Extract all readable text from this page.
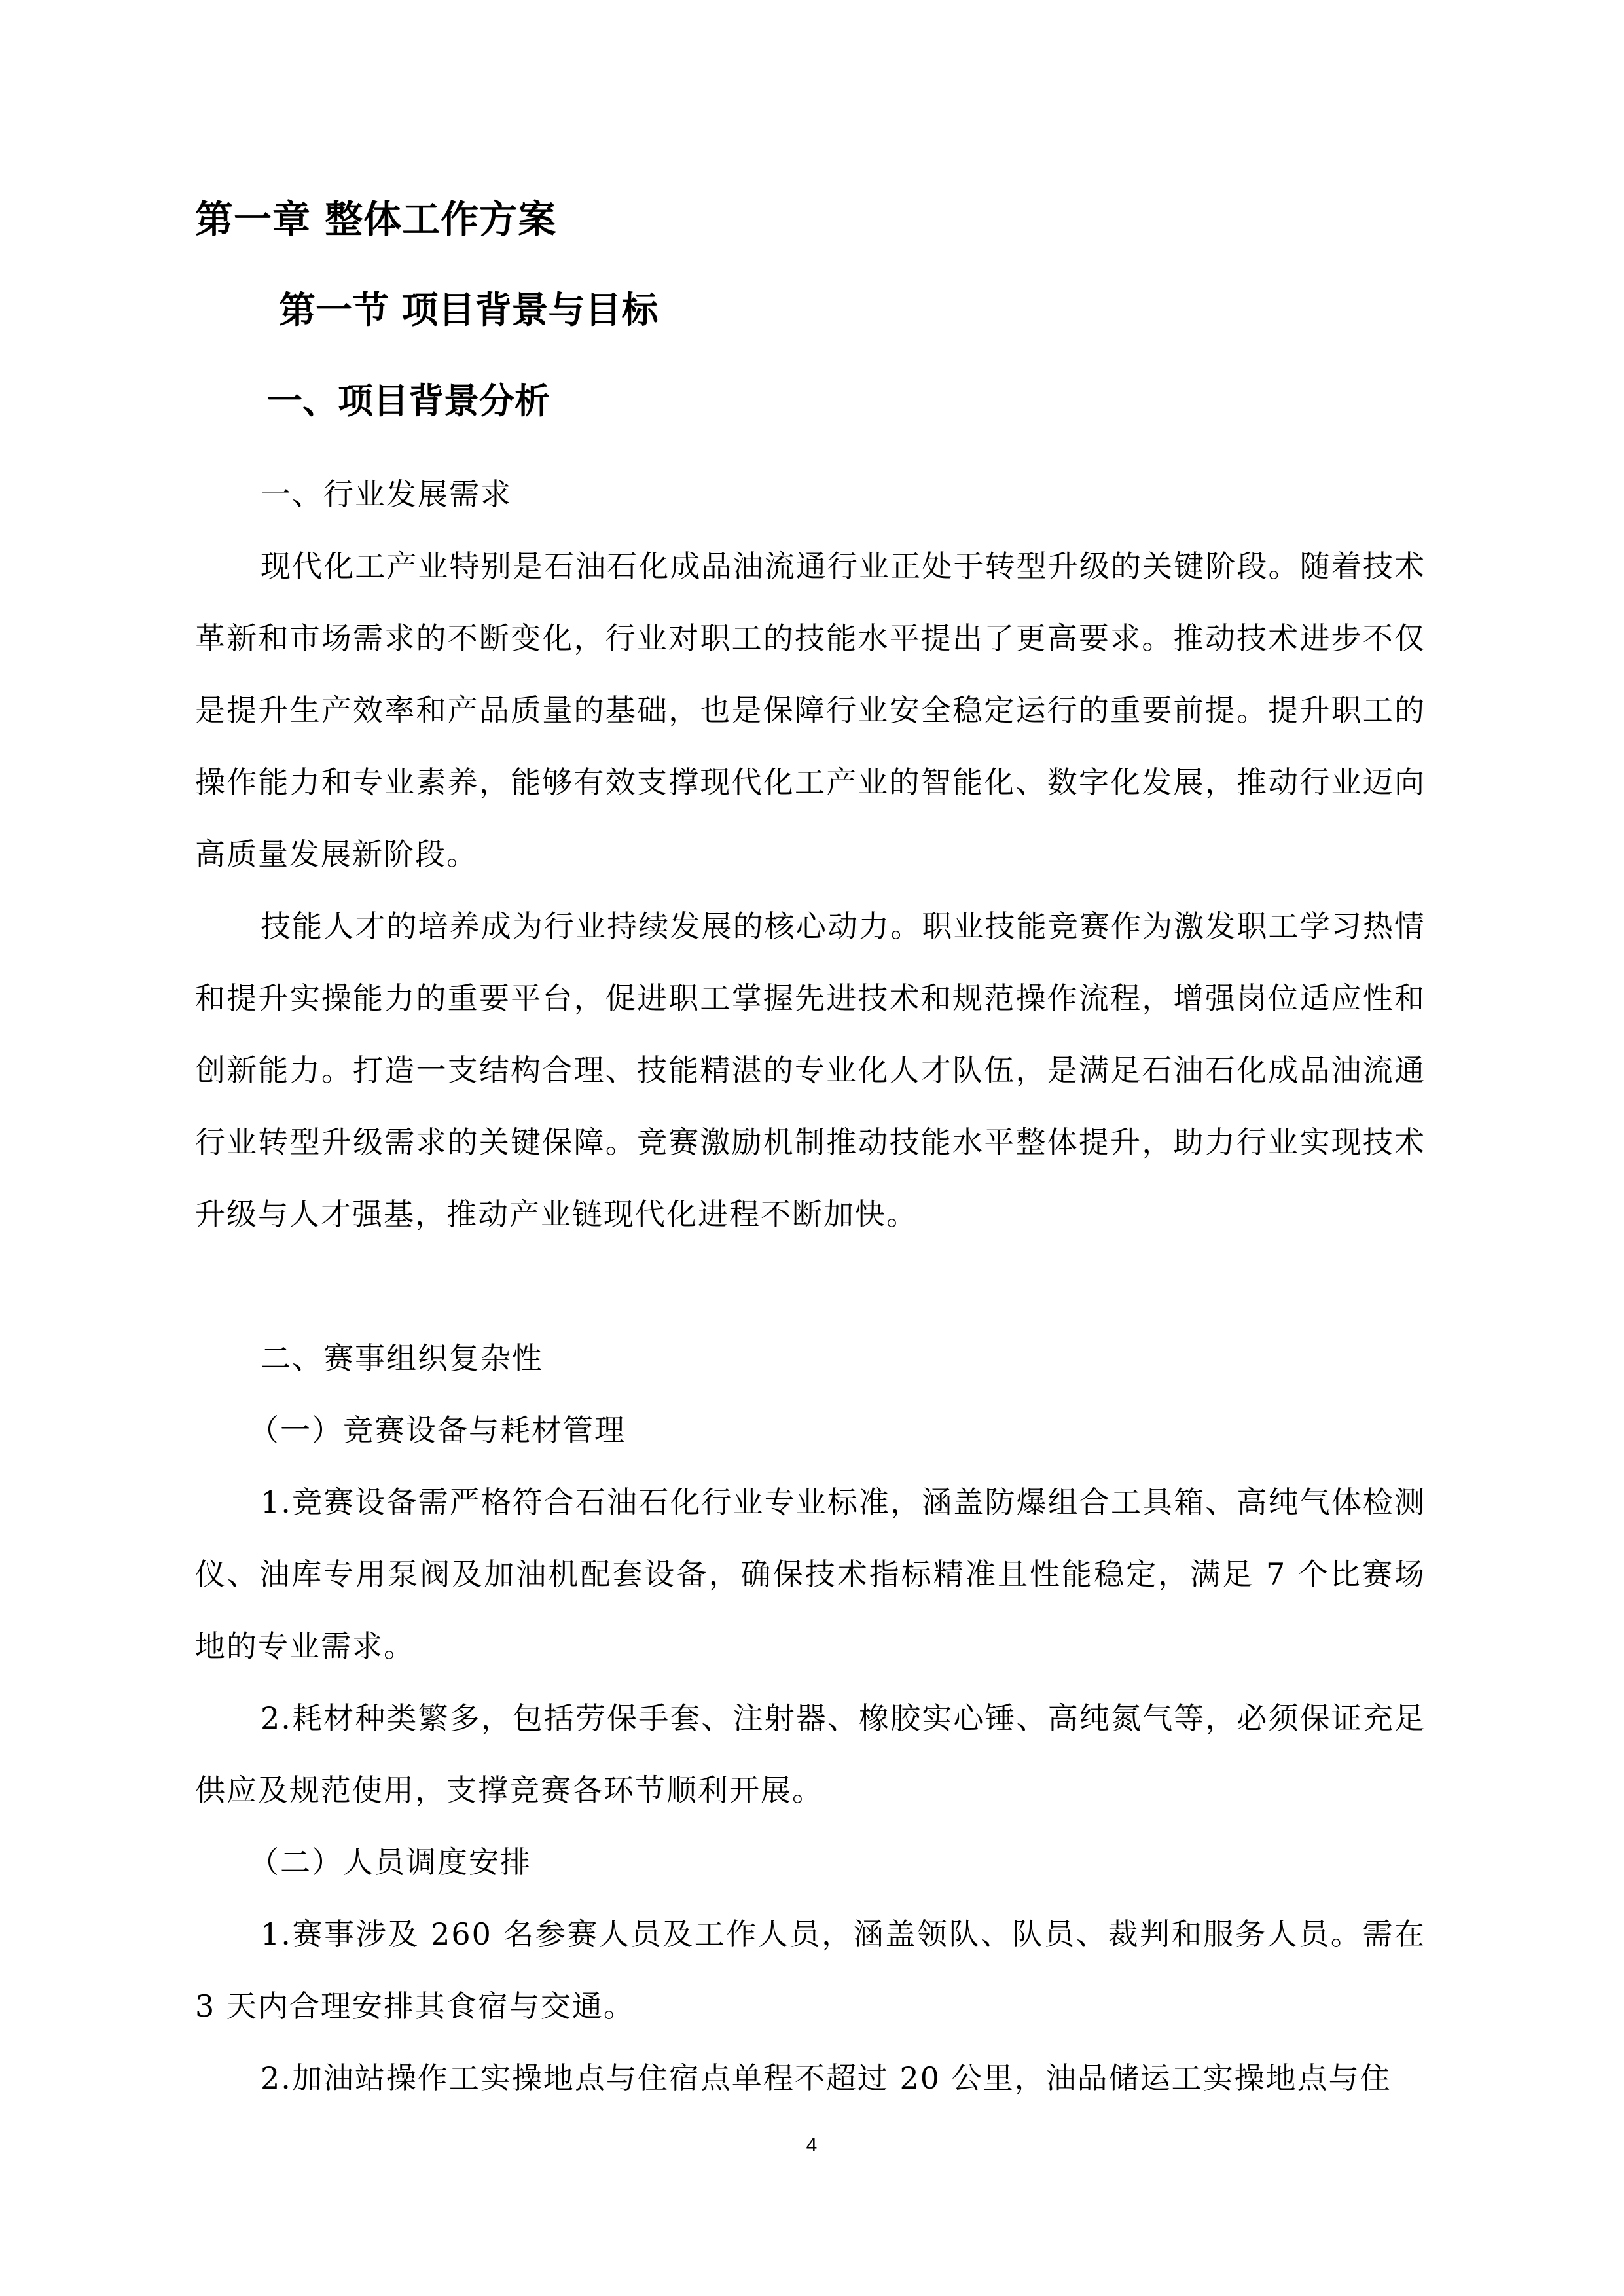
第一章 整体工作方案
第一节 项目背景与目标
一、项目背景分析

一、行业发展需求

现代化工产业特别是石油石化成品油流通行业正处于转型升级的关键阶段。随着技术革新和市场需求的不断变化，行业对职工的技能水平提出了更高要求。推动技术进步不仅是提升生产效率和产品质量的基础，也是保障行业安全稳定运行的重要前提。提升职工的操作能力和专业素养，能够有效支撑现代化工产业的智能化、数字化发展，推动行业迈向高质量发展新阶段。

技能人才的培养成为行业持续发展的核心动力。职业技能竞赛作为激发职工学习热情和提升实操能力的重要平台，促进职工掌握先进技术和规范操作流程，增强岗位适应性和创新能力。打造一支结构合理、技能精湛的专业化人才队伍，是满足石油石化成品油流通行业转型升级需求的关键保障。竞赛激励机制推动技能水平整体提升，助力行业实现技术升级与人才强基，推动产业链现代化进程不断加快。

二、赛事组织复杂性

（一）竞赛设备与耗材管理

1.竞赛设备需严格符合石油石化行业专业标准，涵盖防爆组合工具箱、高纯气体检测仪、油库专用泵阀及加油机配套设备，确保技术指标精准且性能稳定，满足 7 个比赛场地的专业需求。

2.耗材种类繁多，包括劳保手套、注射器、橡胶实心锤、高纯氮气等，必须保证充足供应及规范使用，支撑竞赛各环节顺利开展。

（二）人员调度安排

1.赛事涉及 260 名参赛人员及工作人员，涵盖领队、队员、裁判和服务人员。需在 3 天内合理安排其食宿与交通。

2.加油站操作工实操地点与住宿点单程不超过 20 公里，油品储运工实操地点与住

4
